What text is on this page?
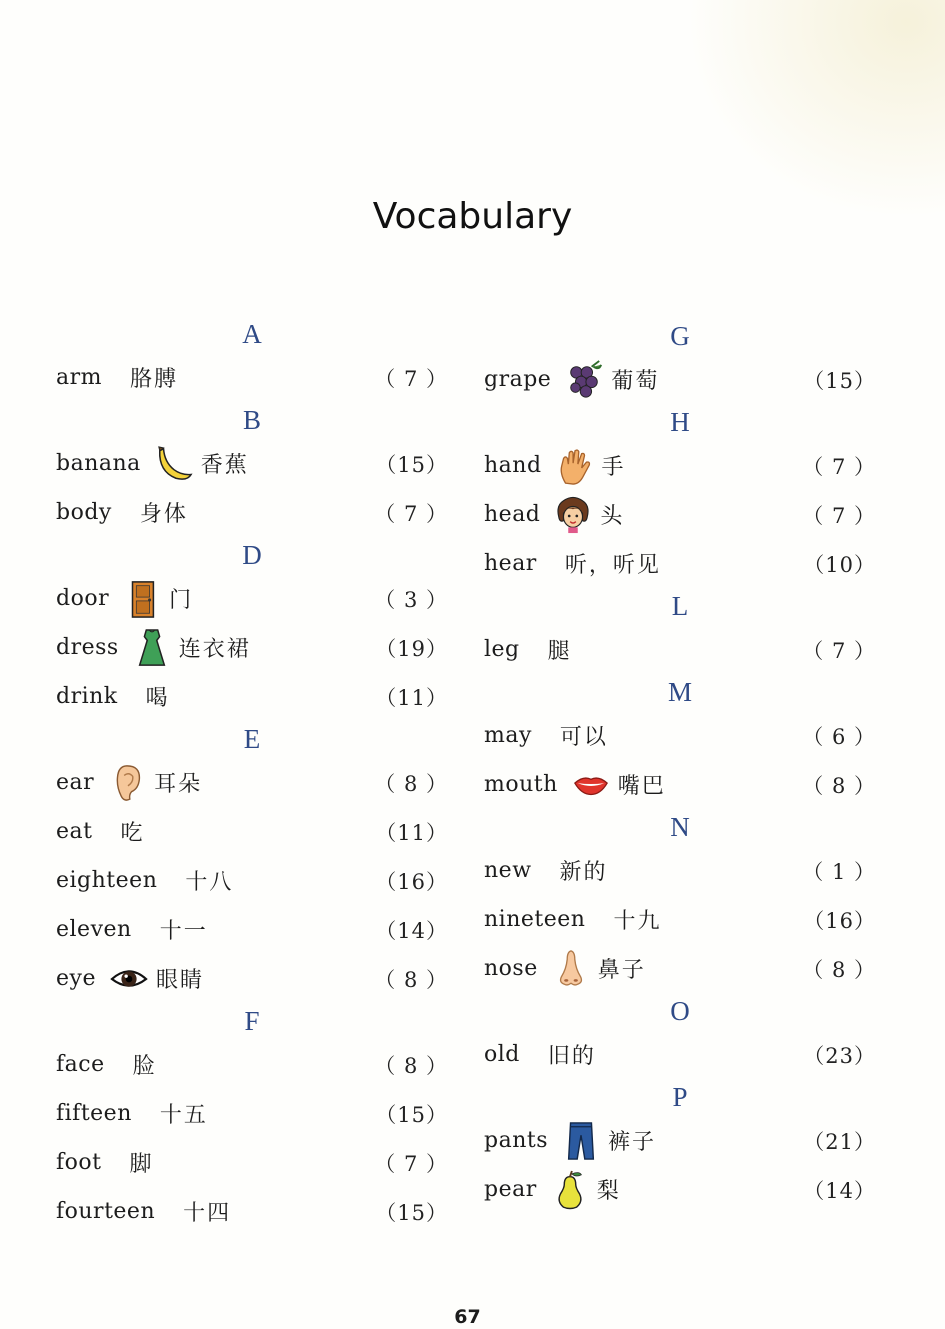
Vocabulary
A
arm 胳膊	（ 7 ）
B
banana	香蕉	（15）
body 身体	（ 7 ）
D
door	门	（ 3 ）
dress	连衣裙	（19）
drink 喝	（11）
E
ear	耳朵	（ 8 ）
eat 吃	（11）
eighteen 十八	（16）
eleven 十一	（14）
eye	眼睛	（ 8 ）
F
face 脸	（ 8 ）
fifteen 十五	（15）
foot 脚	（ 7 ）
fourteen 十四	（15）
G
grape	葡萄	（15）
H
hand	手	（ 7 ）
head	头	（ 7 ）
hear 听，听见	（10）
L
leg 腿	（ 7 ）
M
may 可以	（ 6 ）
mouth	嘴巴	（ 8 ）
N
new 新的	（ 1 ）
nineteen 十九	（16）
nose	鼻子	（ 8 ）
O
old 旧的	（23）
P
pants	裤子	（21）
pear	梨	（14）
67
